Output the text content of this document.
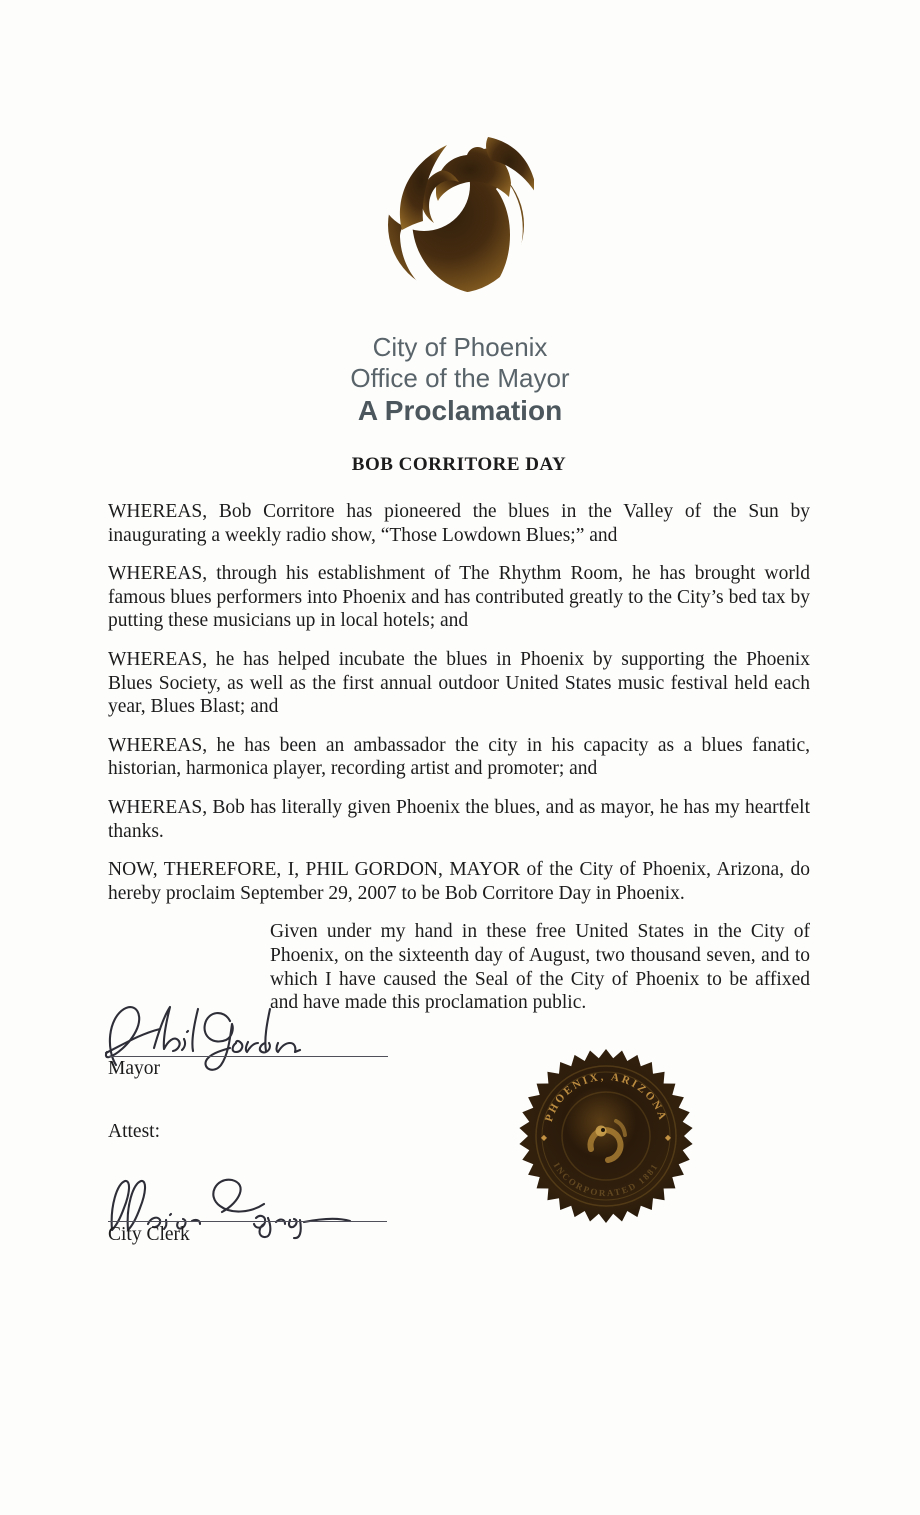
City of Phoenix
Office of the Mayor
A Proclamation
BOB CORRITORE DAY

WHEREAS, Bob Corritore has pioneered the blues in the Valley of the Sun by inaugurating a weekly radio show, “Those Lowdown Blues;” and

WHEREAS, through his establishment of The Rhythm Room, he has brought world famous blues performers into Phoenix and has contributed greatly to the City’s bed tax by putting these musicians up in local hotels; and

WHEREAS, he has helped incubate the blues in Phoenix by supporting the Phoenix Blues Society, as well as the first annual outdoor United States music festival held each year, Blues Blast; and

WHEREAS, he has been an ambassador the city in his capacity as a blues fanatic, historian, harmonica player, recording artist and promoter; and

WHEREAS, Bob has literally given Phoenix the blues, and as mayor, he has my heartfelt thanks.

NOW, THEREFORE, I, PHIL GORDON, MAYOR of the City of Phoenix, Arizona, do hereby proclaim September 29, 2007 to be Bob Corritore Day in Phoenix.

Given under my hand in these free United States in the City of Phoenix, on the sixteenth day of August, two thousand seven, and to which I have caused the Seal of the City of Phoenix to be affixed and have made this proclamation public.

Mayor
Attest:
City Clerk
PHOENIX, ARIZONA
INCORPORATED 1881
◆	◆
